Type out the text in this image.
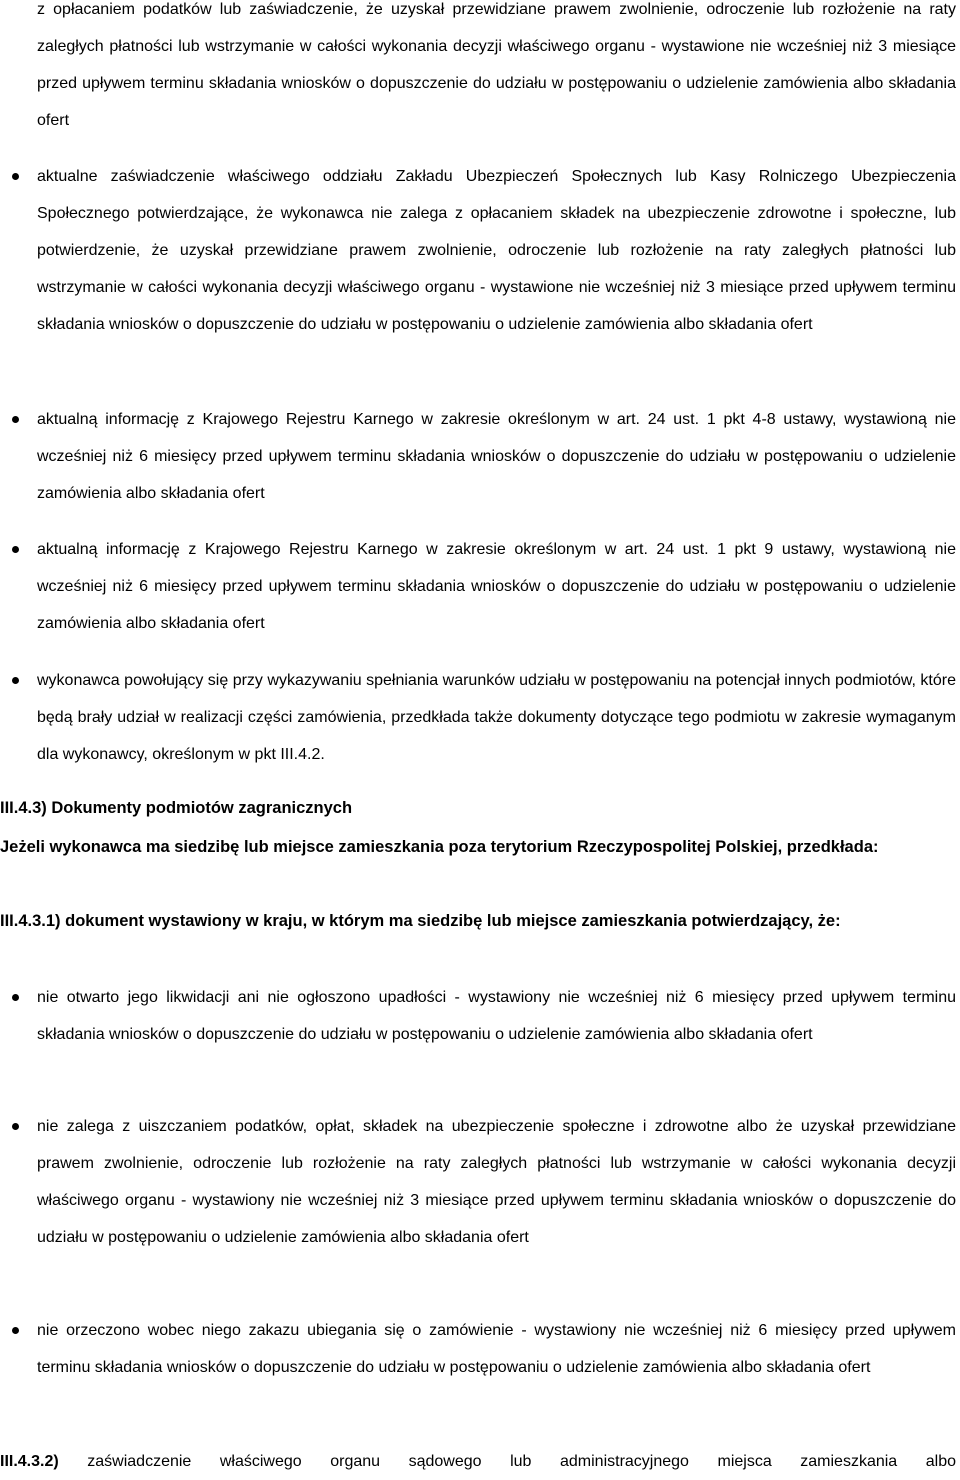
z opłacaniem podatków lub zaświadczenie, że uzyskał przewidziane prawem zwolnienie, odroczenie lub rozłożenie na raty zaległych płatności lub wstrzymanie w całości wykonania decyzji właściwego organu - wystawione nie wcześniej niż 3 miesiące przed upływem terminu składania wniosków o dopuszczenie do udziału w postępowaniu o udzielenie zamówienia albo składania ofert

aktualne zaświadczenie właściwego oddziału Zakładu Ubezpieczeń Społecznych lub Kasy Rolniczego Ubezpieczenia Społecznego potwierdzające, że wykonawca nie zalega z opłacaniem składek na ubezpieczenie zdrowotne i społeczne, lub potwierdzenie, że uzyskał przewidziane prawem zwolnienie, odroczenie lub rozłożenie na raty zaległych płatności lub wstrzymanie w całości wykonania decyzji właściwego organu - wystawione nie wcześniej niż 3 miesiące przed upływem terminu składania wniosków o dopuszczenie do udziału w postępowaniu o udzielenie zamówienia albo składania ofert

aktualną informację z Krajowego Rejestru Karnego w zakresie określonym w art. 24 ust. 1 pkt 4-8 ustawy, wystawioną nie wcześniej niż 6 miesięcy przed upływem terminu składania wniosków o dopuszczenie do udziału w postępowaniu o udzielenie zamówienia albo składania ofert

aktualną informację z Krajowego Rejestru Karnego w zakresie określonym w art. 24 ust. 1 pkt 9 ustawy, wystawioną nie wcześniej niż 6 miesięcy przed upływem terminu składania wniosków o dopuszczenie do udziału w postępowaniu o udzielenie zamówienia albo składania ofert

wykonawca powołujący się przy wykazywaniu spełniania warunków udziału w postępowaniu na potencjał innych podmiotów, które będą brały udział w realizacji części zamówienia, przedkłada także dokumenty dotyczące tego podmiotu w zakresie wymaganym dla wykonawcy, określonym w pkt III.4.2.

III.4.3) Dokumenty podmiotów zagranicznych

Jeżeli wykonawca ma siedzibę lub miejsce zamieszkania poza terytorium Rzeczypospolitej Polskiej, przedkłada:

III.4.3.1) dokument wystawiony w kraju, w którym ma siedzibę lub miejsce zamieszkania potwierdzający, że:

nie otwarto jego likwidacji ani nie ogłoszono upadłości - wystawiony nie wcześniej niż 6 miesięcy przed upływem terminu składania wniosków o dopuszczenie do udziału w postępowaniu o udzielenie zamówienia albo składania ofert

nie zalega z uiszczaniem podatków, opłat, składek na ubezpieczenie społeczne i zdrowotne albo że uzyskał przewidziane prawem zwolnienie, odroczenie lub rozłożenie na raty zaległych płatności lub wstrzymanie w całości wykonania decyzji właściwego organu - wystawiony nie wcześniej niż 3 miesiące przed upływem terminu składania wniosków o dopuszczenie do udziału w postępowaniu o udzielenie zamówienia albo składania ofert

nie orzeczono wobec niego zakazu ubiegania się o zamówienie - wystawiony nie wcześniej niż 6 miesięcy przed upływem terminu składania wniosków o dopuszczenie do udziału w postępowaniu o udzielenie zamówienia albo składania ofert

III.4.3.2) zaświadczenie właściwego organu sądowego lub administracyjnego miejsca zamieszkania albo
